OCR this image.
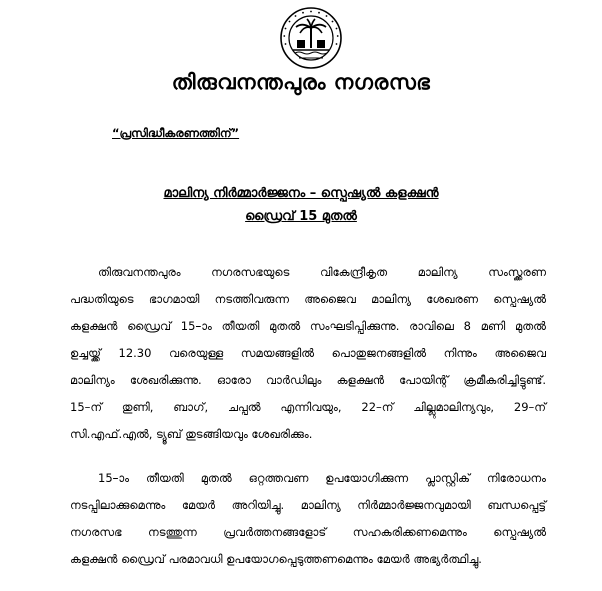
തിരുവനന്തപുരം നഗരസഭ
“പ്രസിദ്ധീകരണത്തിന്”
മാലിന്യ നിർമ്മാർജ്ജനം – സ്പെഷ്യൽ കളക്ഷൻ
ഡ്രൈവ് 15 മുതൽ
തിരുവനന്തപുരം നഗരസഭയുടെ വികേന്ദ്രീകൃത മാലിന്യ സംസ്ക്കരണ
പദ്ധതിയുടെ ഭാഗമായി നടത്തിവരുന്ന അജൈവ മാലിന്യ ശേഖരണ സ്പെഷ്യൽ
കളക്ഷൻ ഡ്രൈവ് 15–ാം തീയതി മുതൽ സംഘടിപ്പിക്കുന്നു. രാവിലെ 8 മണി മുതൽ
ഉച്ചയ്ക്ക് 12.30 വരെയുള്ള സമയങ്ങളിൽ പൊതുജനങ്ങളിൽ നിന്നും അജൈവ
മാലിന്യം ശേഖരിക്കുന്നു. ഓരോ വാർഡിലും കളക്ഷൻ പോയിന്റ് ക്രമീകരിച്ചിട്ടുണ്ട്.
15–ന് തുണി, ബാഗ്, ചപ്പൽ എന്നിവയും, 22–ന് ചില്ലുമാലിന്യവും, 29–ന്
സി.എഫ്.എൽ, ട്യൂബ് തുടങ്ങിയവും ശേഖരിക്കും.
15–ാം തീയതി മുതൽ ഒറ്റത്തവണ ഉപയോഗിക്കുന്ന പ്ലാസ്റ്റിക് നിരോധനം
നടപ്പിലാക്കുമെന്നും മേയർ അറിയിച്ചു. മാലിന്യ നിർമ്മാർജ്ജനവുമായി ബന്ധപ്പെട്ട്
നഗരസഭ നടത്തുന്ന പ്രവർത്തനങ്ങളോട് സഹകരിക്കണമെന്നും സ്പെഷ്യൽ
കളക്ഷൻ ഡ്രൈവ് പരമാവധി ഉപയോഗപ്പെടുത്തണമെന്നും മേയർ അഭ്യർത്ഥിച്ചു.
